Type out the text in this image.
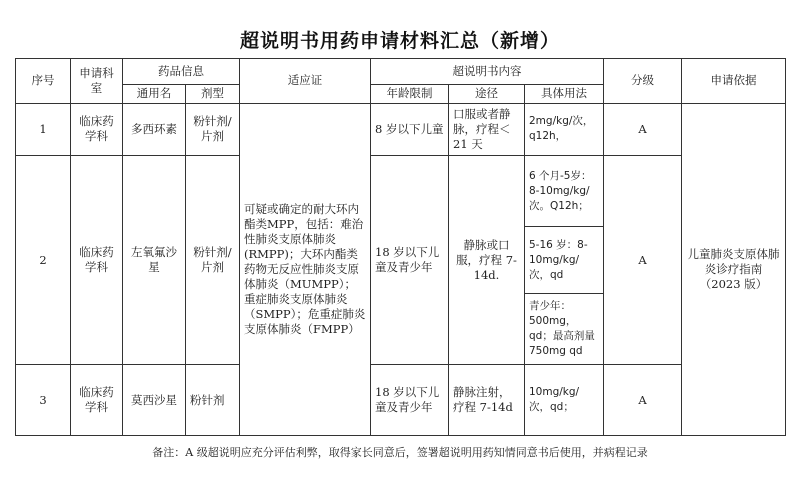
超说明书用药申请材料汇总（新增）
序号	申请科室	药品信息		适应证	超说明书内容			分级	申请依据
		通用名	剂型		年龄限制	途径	具体用法		
1	临床药学科	多西环素	粉针剂/片剂	可疑或确定的耐大环内酯类MPP，包括：难治性肺炎支原体肺炎(RMPP)；大环内酯类药物无反应性肺炎支原体肺炎（MUMPP）；重症肺炎支原体肺炎（SMPP）；危重症肺炎支原体肺炎（FMPP）	8 岁以下儿童	口服或者静脉，疗程＜21 天	2mg/kg/次，q12h，	A	儿童肺炎支原体肺炎诊疗指南（2023 版）
2	临床药学科	左氧氟沙星	粉针剂/片剂		18 岁以下儿童及青少年	静脉或口服，疗程 7-14d.	6 个月-5岁：8-10mg/kg/次。Q12h；	A	
							5-16 岁：8-10mg/kg/次，qd		
							青少年：500mg，qd；最高剂量 750mg qd		
3	临床药学科	莫西沙星	粉针剂		18 岁以下儿童及青少年	静脉注射，疗程 7-14d	10mg/kg/次，qd；	A	
备注：A 级超说明应充分评估利弊，取得家长同意后，签署超说明用药知情同意书后使用，并病程记录
